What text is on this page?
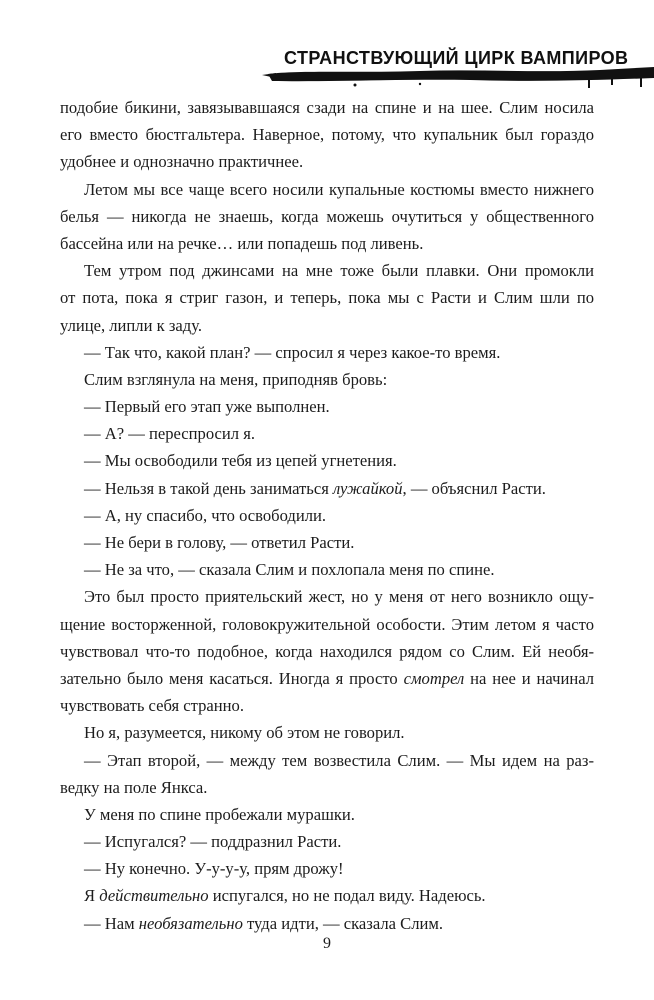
СТРАНСТВУЮЩИЙ ЦИРК ВАМПИРОВ
подобие бикини, завязывавшаяся сзади на спине и на шее. Слим носила
его вместо бюстгальтера. Наверное, потому, что купальник был гораздо
удобнее и однозначно практичнее.
Летом мы все чаще всего носили купальные костюмы вместо нижнего
белья — никогда не знаешь, когда можешь очутиться у общественного
бассейна или на речке… или попадешь под ливень.
Тем утром под джинсами на мне тоже были плавки. Они промокли
от пота, пока я стриг газон, и теперь, пока мы с Расти и Слим шли по
улице, липли к заду.
— Так что, какой план? — спросил я через какое-то время.
Слим взглянула на меня, приподняв бровь:
— Первый его этап уже выполнен.
— А? — переспросил я.
— Мы освободили тебя из цепей угнетения.
— Нельзя в такой день заниматься лужайкой, — объяснил Расти.
— А, ну спасибо, что освободили.
— Не бери в голову, — ответил Расти.
— Не за что, — сказала Слим и похлопала меня по спине.
Это был просто приятельский жест, но у меня от него возникло ощу-
щение восторженной, головокружительной особости. Этим летом я часто
чувствовал что-то подобное, когда находился рядом со Слим. Ей необя-
зательно было меня касаться. Иногда я просто смотрел на нее и начинал
чувствовать себя странно.
Но я, разумеется, никому об этом не говорил.
— Этап второй, — между тем возвестила Слим. — Мы идем на раз-
ведку на поле Янкса.
У меня по спине пробежали мурашки.
— Испугался? — поддразнил Расти.
— Ну конечно. У-у-у-у, прям дрожу!
Я действительно испугался, но не подал виду. Надеюсь.
— Нам необязательно туда идти, — сказала Слим.
9
